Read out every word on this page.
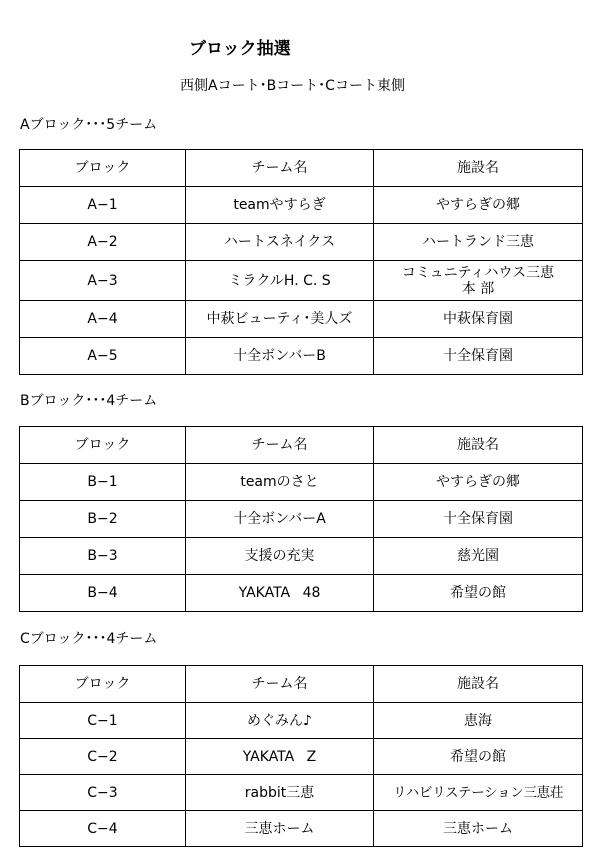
ブロック抽選
西側Aコート･Bコート･Cコート東側
Aブロック･･･5チーム
ブロック	チーム名	施設名
A−1	teamやすらぎ	やすらぎの郷
A−2	ハートスネイクス	ハートランド三恵
A−3	ミラクルH. C. S	コミュニティハウス三恵
本 部
A−4	中萩ビューティ･美人ズ	中萩保育園
A−5	十全ボンバーB	十全保育園
Bブロック･･･4チーム
ブロック	チーム名	施設名
B−1	teamのさと	やすらぎの郷
B−2	十全ボンバーA	十全保育園
B−3	支援の充実	慈光園
B−4	YAKATA 48	希望の館
Cブロック･･･4チーム
ブロック	チーム名	施設名
C−1	めぐみん♪	恵海
C−2	YAKATA Z	希望の館
C−3	rabbit三恵	リハビリステーション三恵荘
C−4	三恵ホーム	三恵ホーム
